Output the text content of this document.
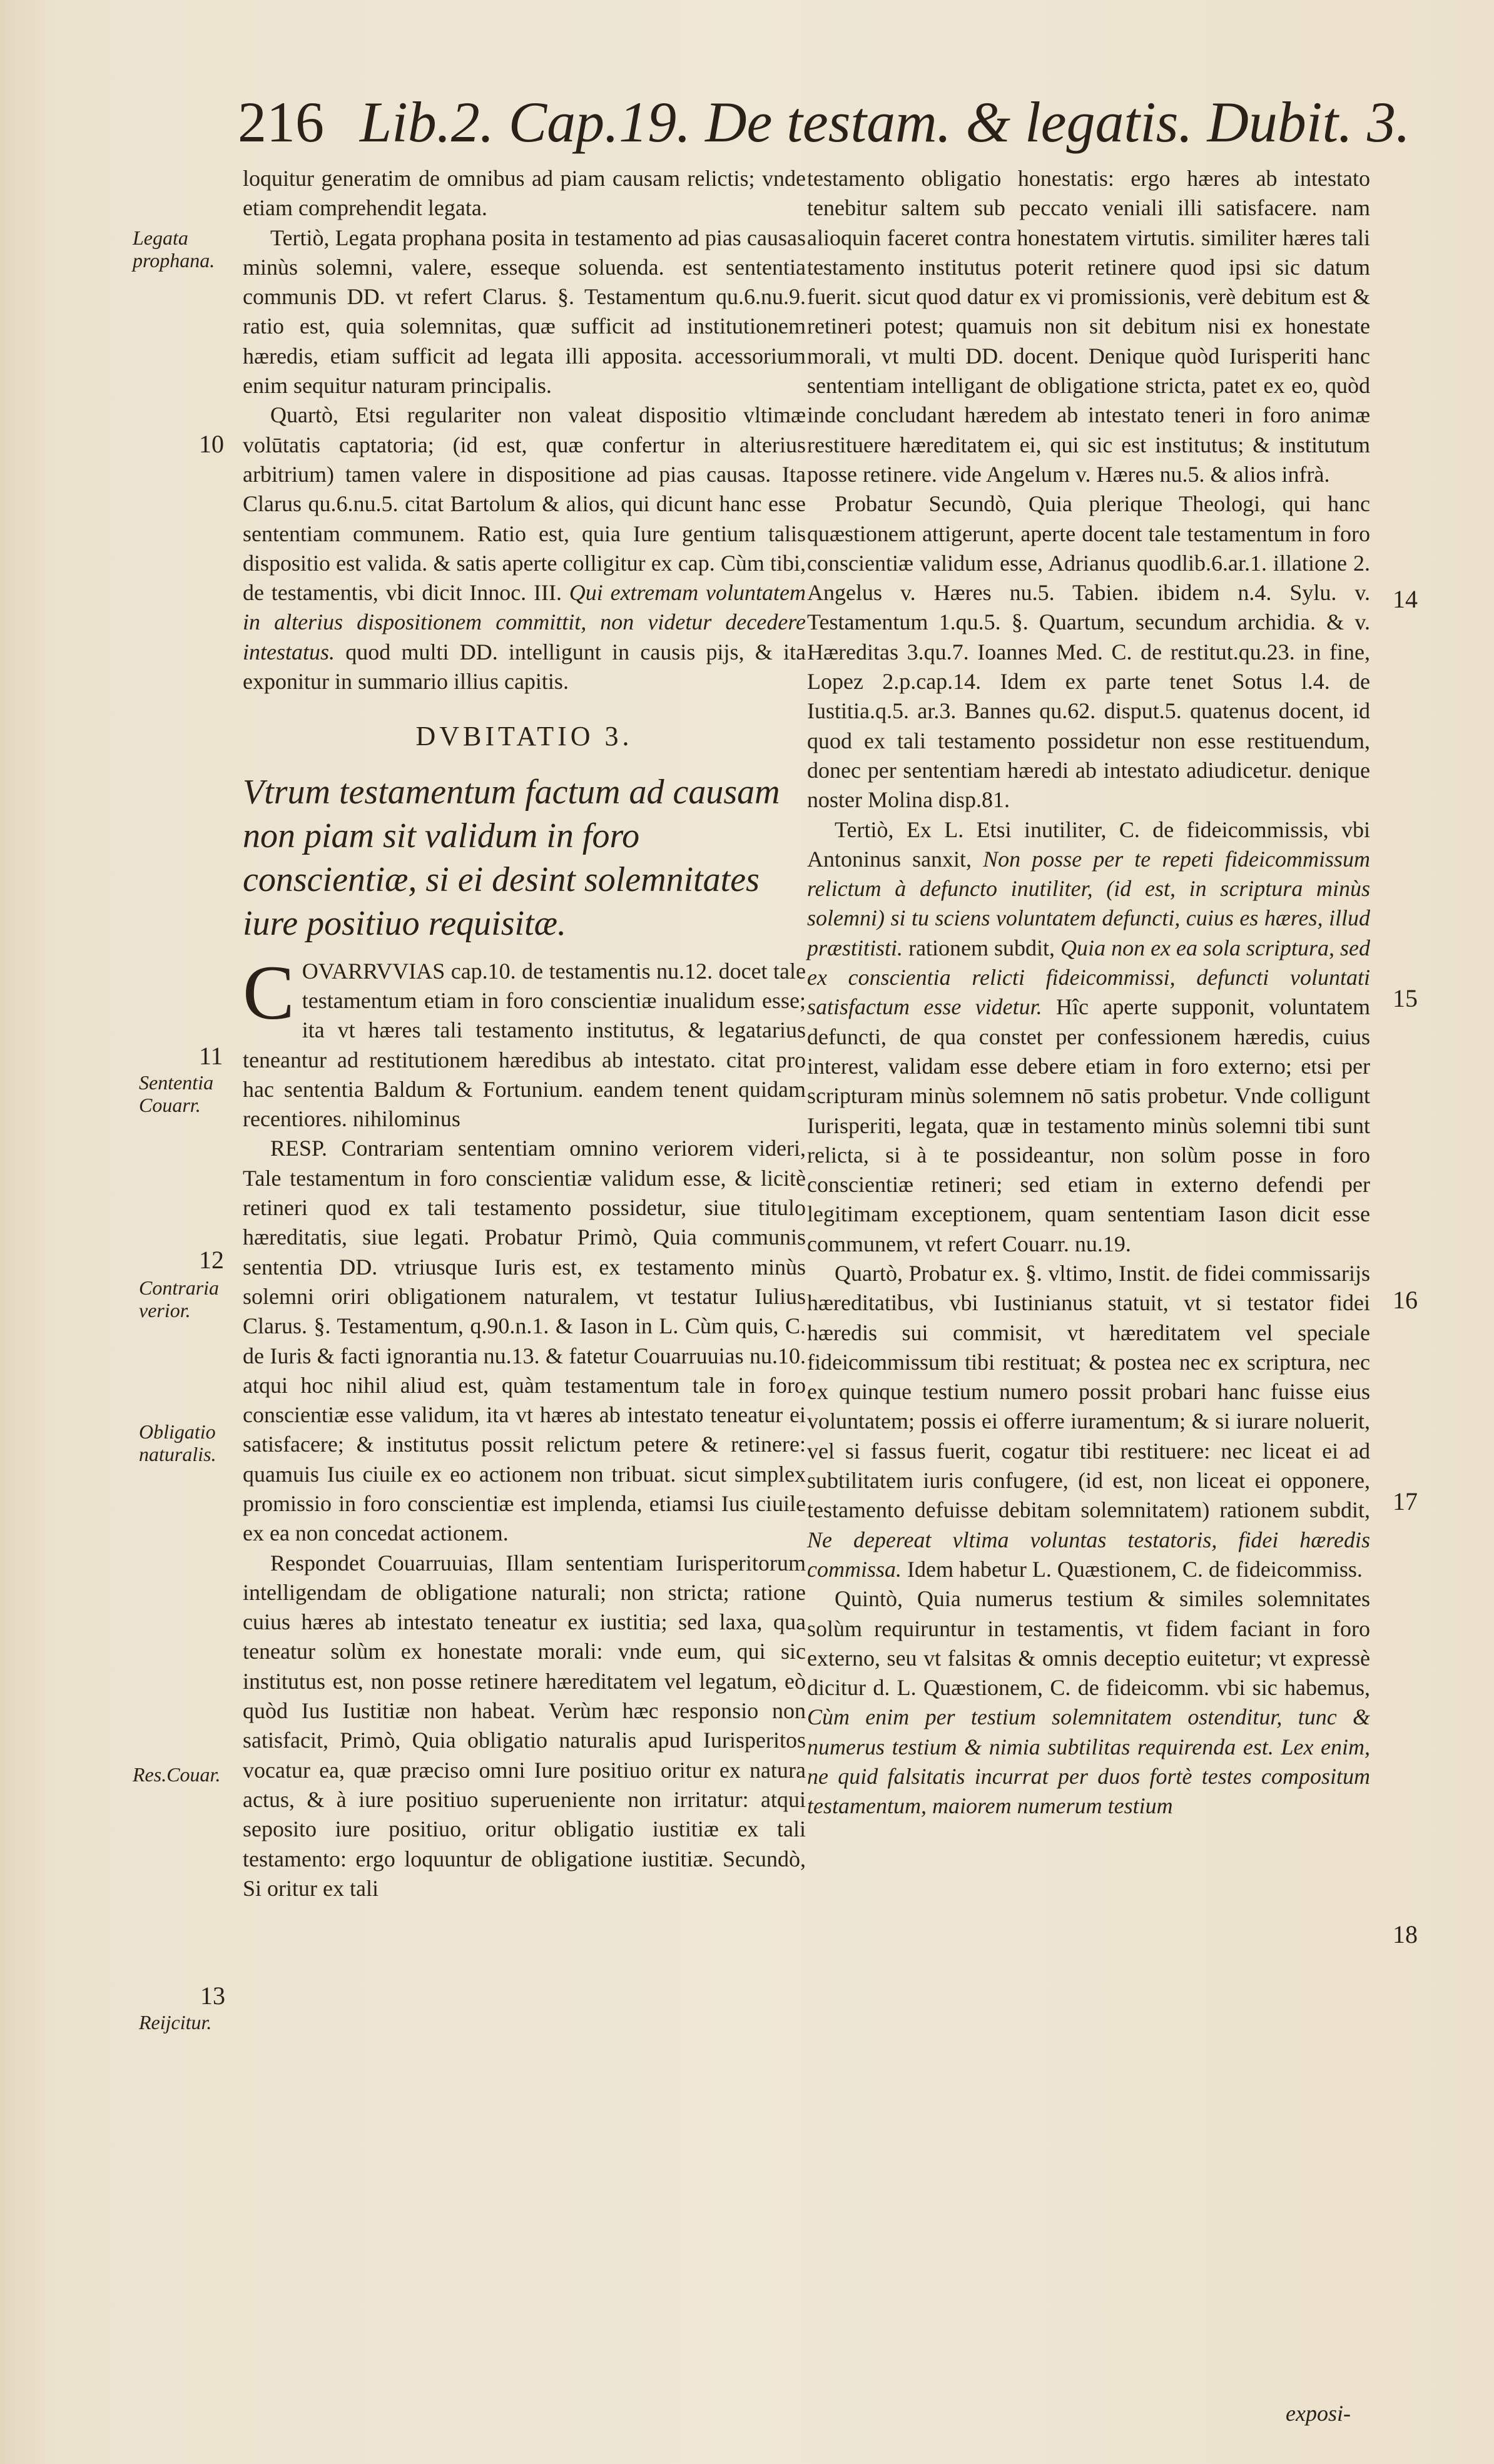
216 Lib.2. Cap.19. De testam. & legatis. Dubit. 3.
Legata prophana.
10
11
Sententia Couarr.
12
Contraria verior.
Obligatio naturalis.
Res.Couar.
13
Reijcitur.
14
15
16
17
18

loquitur generatim de omnibus ad piam causam relictis; vnde etiam comprehendit legata.

Tertiò, Legata prophana posita in testamento ad pias causas minùs solemni, valere, esseque soluenda. est sententia communis DD. vt refert Clarus. §. Testamentum qu.6.nu.9. ratio est, quia solemnitas, quæ sufficit ad institutionem hæredis, etiam sufficit ad legata illi apposita. accessorium enim sequitur naturam principalis.

Quartò, Etsi regulariter non valeat dispositio vltimæ volūtatis captatoria; (id est, quæ confertur in alterius arbitrium) tamen valere in dispositione ad pias causas. Ita Clarus qu.6.nu.5. citat Bartolum & alios, qui dicunt hanc esse sententiam communem. Ratio est, quia Iure gentium talis dispositio est valida. & satis aperte colligitur ex cap. Cùm tibi, de testamentis, vbi dicit Innoc. III. Qui extremam voluntatem in alterius dispositionem committit, non videtur decedere intestatus. quod multi DD. intelligunt in causis pijs, & ita exponitur in summario illius capitis.

DVBITATIO 3.

Vtrum testamentum factum ad causam non piam sit validum in foro conscientiæ, si ei desint solemnitates iure positiuo requisitæ.

C OVARRVVIAS cap.10. de testamentis nu.12. docet tale testamentum etiam in foro conscientiæ inualidum esse; ita vt hæres tali testamento institutus, & legatarius teneantur ad restitutionem hæredibus ab intestato. citat pro hac sententia Baldum & Fortunium. eandem tenent quidam recentiores. nihilominus

RESP. Contrariam sententiam omnino veriorem videri, Tale testamentum in foro conscientiæ validum esse, & licitè retineri quod ex tali testamento possidetur, siue titulo hæreditatis, siue legati. Probatur Primò, Quia communis sententia DD. vtriusque Iuris est, ex testamento minùs solemni oriri obligationem naturalem, vt testatur Iulius Clarus. §. Testamentum, q.90.n.1. & Iason in L. Cùm quis, C. de Iuris & facti ignorantia nu.13. & fatetur Couarruuias nu.10. atqui hoc nihil aliud est, quàm testamentum tale in foro conscientiæ esse validum, ita vt hæres ab intestato teneatur ei satisfacere; & institutus possit relictum petere & retinere: quamuis Ius ciuile ex eo actionem non tribuat. sicut simplex promissio in foro conscientiæ est implenda, etiamsi Ius ciuile ex ea non concedat actionem.

Respondet Couarruuias, Illam sententiam Iurisperitorum intelligendam de obligatione naturali; non stricta; ratione cuius hæres ab intestato teneatur ex iustitia; sed laxa, qua teneatur solùm ex honestate morali: vnde eum, qui sic institutus est, non posse retinere hæreditatem vel legatum, eò quòd Ius Iustitiæ non habeat. Verùm hæc responsio non satisfacit, Primò, Quia obligatio naturalis apud Iurisperitos vocatur ea, quæ præciso omni Iure positiuo oritur ex natura actus, & à iure positiuo superueniente non irritatur: atqui seposito iure positiuo, oritur obligatio iustitiæ ex tali testamento: ergo loquuntur de obligatione iustitiæ. Secundò, Si oritur ex tali

testamento obligatio honestatis: ergo hæres ab intestato tenebitur saltem sub peccato veniali illi satisfacere. nam alioquin faceret contra honestatem virtutis. similiter hæres tali testamento institutus poterit retinere quod ipsi sic datum fuerit. sicut quod datur ex vi promissionis, verè debitum est & retineri potest; quamuis non sit debitum nisi ex honestate morali, vt multi DD. docent. Denique quòd Iurisperiti hanc sententiam intelligant de obligatione stricta, patet ex eo, quòd inde concludant hæredem ab intestato teneri in foro animæ restituere hæreditatem ei, qui sic est institutus; & institutum posse retinere. vide Angelum v. Hæres nu.5. & alios infrà.

Probatur Secundò, Quia plerique Theologi, qui hanc quæstionem attigerunt, aperte docent tale testamentum in foro conscientiæ validum esse, Adrianus quodlib.6.ar.1. illatione 2. Angelus v. Hæres nu.5. Tabien. ibidem n.4. Sylu. v. Testamentum 1.qu.5. §. Quartum, secundum archidia. & v. Hæreditas 3.qu.7. Ioannes Med. C. de restitut.qu.23. in fine, Lopez 2.p.cap.14. Idem ex parte tenet Sotus l.4. de Iustitia.q.5. ar.3. Bannes qu.62. disput.5. quatenus docent, id quod ex tali testamento possidetur non esse restituendum, donec per sententiam hæredi ab intestato adiudicetur. denique noster Molina disp.81.

Tertiò, Ex L. Etsi inutiliter, C. de fideicommissis, vbi Antoninus sanxit, Non posse per te repeti fideicommissum relictum à defuncto inutiliter, (id est, in scriptura minùs solemni) si tu sciens voluntatem defuncti, cuius es hæres, illud præstitisti. rationem subdit, Quia non ex ea sola scriptura, sed ex conscientia relicti fideicommissi, defuncti voluntati satisfactum esse videtur. Hîc aperte supponit, voluntatem defuncti, de qua constet per confessionem hæredis, cuius interest, validam esse debere etiam in foro externo; etsi per scripturam minùs solemnem nō satis probetur. Vnde colligunt Iurisperiti, legata, quæ in testamento minùs solemni tibi sunt relicta, si à te possideantur, non solùm posse in foro conscientiæ retineri; sed etiam in externo defendi per legitimam exceptionem, quam sententiam Iason dicit esse communem, vt refert Couarr. nu.19.

Quartò, Probatur ex. §. vltimo, Instit. de fidei commissarijs hæreditatibus, vbi Iustinianus statuit, vt si testator fidei hæredis sui commisit, vt hæreditatem vel speciale fideicommissum tibi restituat; & postea nec ex scriptura, nec ex quinque testium numero possit probari hanc fuisse eius voluntatem; possis ei offerre iuramentum; & si iurare noluerit, vel si fassus fuerit, cogatur tibi restituere: nec liceat ei ad subtilitatem iuris confugere, (id est, non liceat ei opponere, testamento defuisse debitam solemnitatem) rationem subdit, Ne depereat vltima voluntas testatoris, fidei hæredis commissa. Idem habetur L. Quæstionem, C. de fideicommiss.

Quintò, Quia numerus testium & similes solemnitates solùm requiruntur in testamentis, vt fidem faciant in foro externo, seu vt falsitas & omnis deceptio euitetur; vt expressè dicitur d. L. Quæstionem, C. de fideicomm. vbi sic habemus, Cùm enim per testium solemnitatem ostenditur, tunc & numerus testium & nimia subtilitas requirenda est. Lex enim, ne quid falsitatis incurrat per duos fortè testes compositum testamentum, maiorem numerum testium

exposi-
